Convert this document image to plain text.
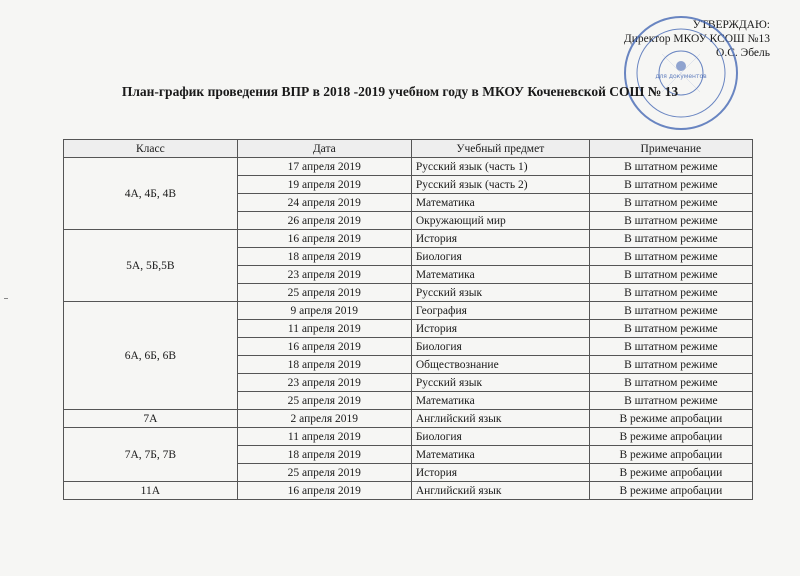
УТВЕРЖДАЮ:
Директор МКОУ КСОШ №13
О.С. Эбель
для документов
План-график проведения ВПР в 2018 -2019 учебном году в МКОУ Коченевской СОШ № 13
Класс	Дата	Учебный предмет	Примечание
4А, 4Б, 4В	17 апреля 2019	Русский язык (часть 1)	В штатном режиме
	19 апреля 2019	Русский язык (часть 2)	В штатном режиме
	24 апреля 2019	Математика	В штатном режиме
	26 апреля 2019	Окружающий мир	В штатном режиме
5А, 5Б,5В	16 апреля 2019	История	В штатном режиме
	18 апреля 2019	Биология	В штатном режиме
	23 апреля 2019	Математика	В штатном режиме
	25 апреля 2019	Русский язык	В штатном режиме
6А, 6Б, 6В	9 апреля 2019	География	В штатном режиме
	11 апреля 2019	История	В штатном режиме
	16 апреля 2019	Биология	В штатном режиме
	18 апреля 2019	Обществознание	В штатном режиме
	23 апреля 2019	Русский язык	В штатном режиме
	25 апреля 2019	Математика	В штатном режиме
7А	2 апреля 2019	Английский язык	В режиме апробации
7А, 7Б, 7В	11 апреля 2019	Биология	В режиме апробации
	18 апреля 2019	Математика	В режиме апробации
	25 апреля 2019	История	В режиме апробации
11А	16 апреля 2019	Английский язык	В режиме апробации
